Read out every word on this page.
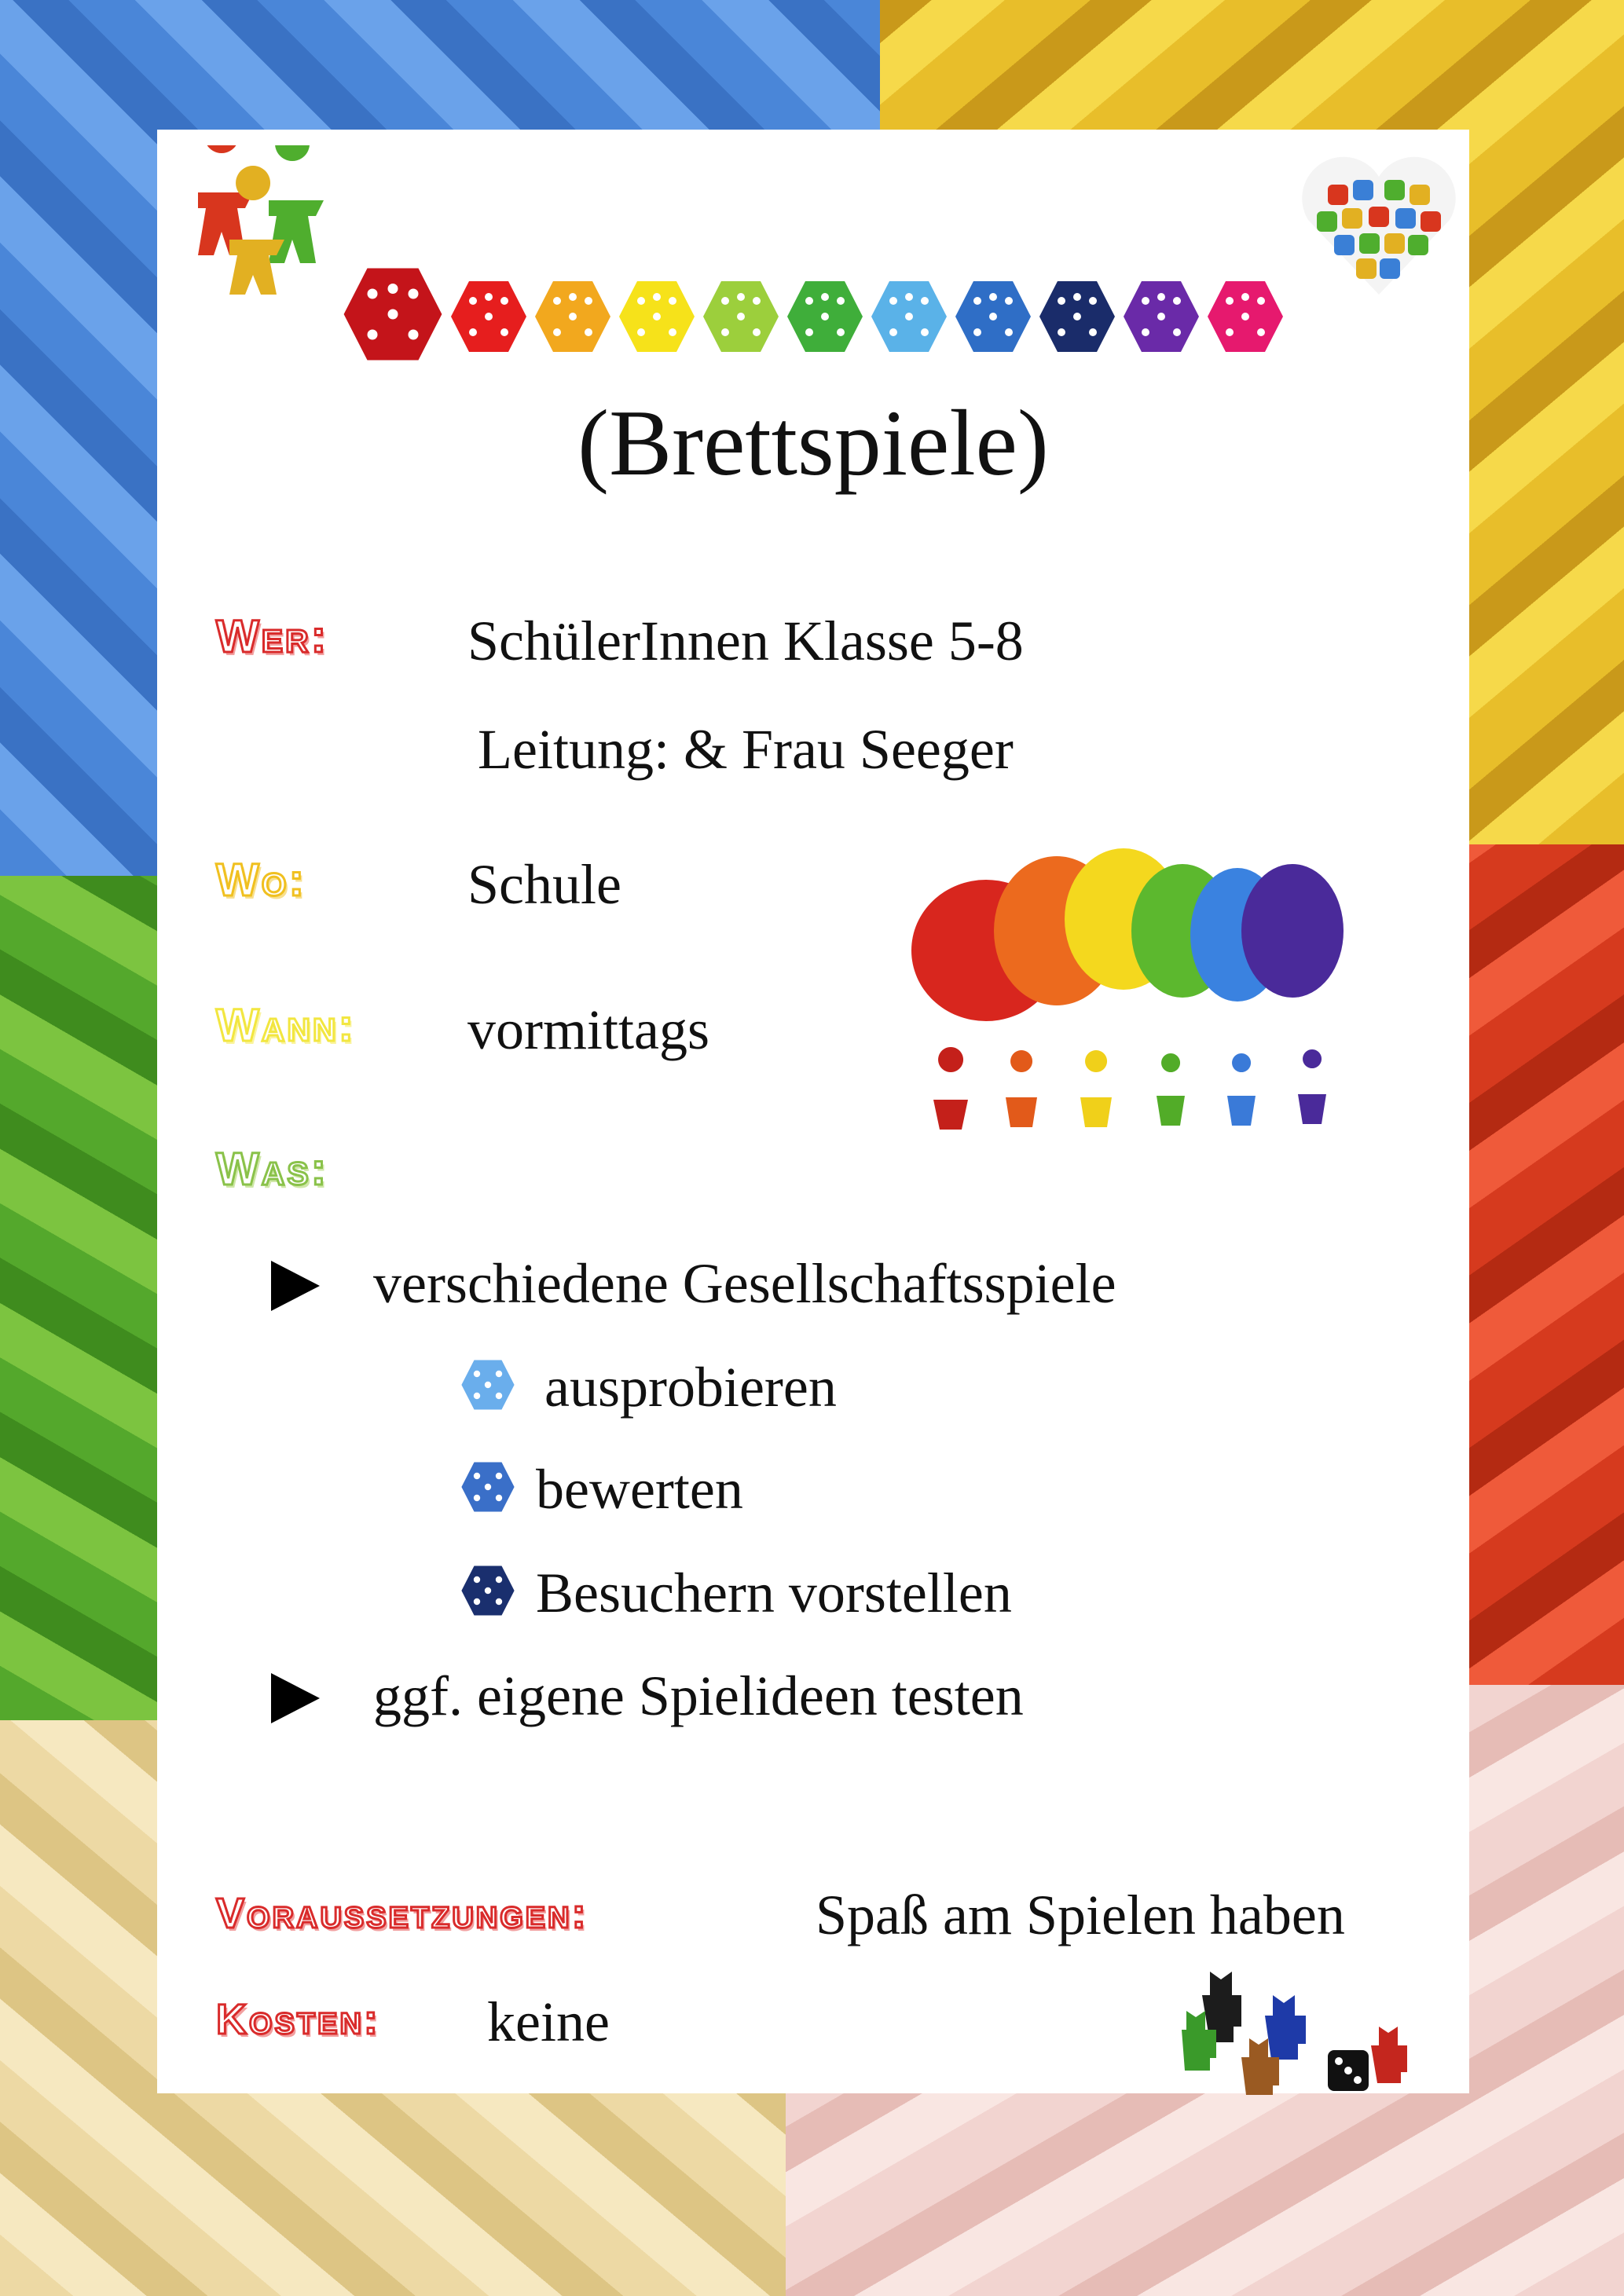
(Brettspiele)
Wer: SchülerInnen Klasse 5-8
Leitung: & Frau Seeger
Wo:	Schule
Wann: vormittags
Was:
verschiedene Gesellschaftsspiele
ausprobieren
bewerten
Besuchern vorstellen
ggf. eigene Spielideen testen
Voraussetzungen:	Spaß am Spielen haben
Kosten: keine
